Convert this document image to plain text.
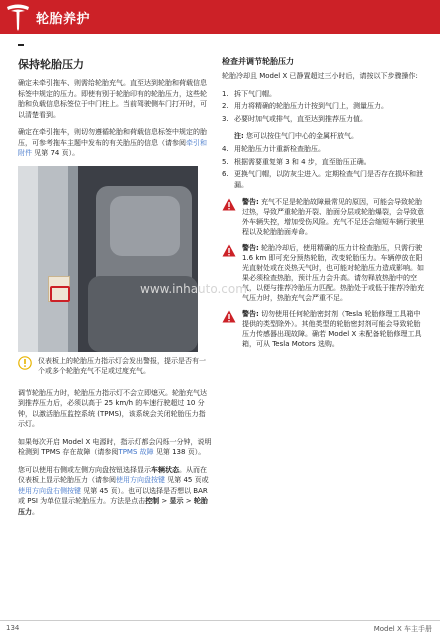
轮胎养护
保持轮胎压力

确定未牵引拖车、则需给轮胎充气。直至达到轮胎和荷载信息标签中规定的压力。即使有别于轮胎印有的轮胎压力，这些轮胎和负载信息标签位于中门柱上。当前驾驶侧车门打开时，可以清楚看到。

确定在牵引拖车，则切勿遵循轮胎和荷载信息标签中规定的胎压，可参考拖车主题中发布的有关胎压的信息（请参阅牵引和附件 见第 74 页）。

仪表板上的轮胎压力指示灯会发出警报，提示是否有一个或多个轮胎充气不足或过度充气。

调节轮胎压力时，轮胎压力指示灯不会立即熄灭。轮胎充气达到推荐压力后，必须以高于 25 km/h 的车速行驶超过 10 分钟，以激活胎压监控系统 (TPMS)，该系统会关闭轮胎压力指示灯。

如果每次开启 Model X 电源时，指示灯都会闪烁一分钟，说明检测到 TPMS 存在故障（请参阅TPMS 故障 见第 138 页）。

您可以使用右侧或左侧方向盘按钮选择显示车辆状态。从而在仪表板上显示轮胎压力（请参阅使用方向盘按键 见第 45 页或使用方向盘右侧按键 见第 45 页）。也可以选择是否想以 BAR 或 PSI 为单位显示轮胎压力。方法是点击控制 > 显示 > 轮胎压力。

检查并调节轮胎压力

轮胎冷却且 Model X 已静置超过三小时后，请按以下步骤操作:

1. 拆下气门帽。
2. 用力将精确的轮胎压力计按到气门上，测量压力。
3. 必要时加气或排气，直至达到推荐压力值。
注: 您可以按住气门中心的金属杆放气。
4. 用轮胎压力计重新检查胎压。
5. 根据需要重复第 3 和 4 步，直至胎压正确。
6. 更换气门帽，以防灰尘进入。定期检查气门是否存在损坏和泄漏。
警告: 充气不足是轮胎故障最常见的原因，可能会导致轮胎过热，导致严重轮胎开裂、胎面分层或轮胎爆裂，会导致意外车辆失控，增加受伤风险。充气不足还会缩短车辆行驶里程以及轮胎胎面寿命。
警告: 轮胎冷却后，使用精确的压力计检查胎压，只需行驶 1.6 km 即可充分预热轮胎，改变轮胎压力。车辆停放在阳光直射处或在炎热天气时，也可能对轮胎压力造成影响。如果必须检查热胎，预计压力会升高。请勿释放热胎中的空气，以便与推荐冷胎压力匹配。热胎处于或低于推荐冷胎充气压力时，热胎充气会严重不足。
警告: 切勿使用任何轮胎密封剂（Tesla 轮胎修理工具箱中提供的类型除外）。其他类型的轮胎密封剂可能会导致轮胎压力传感器出现故障。确若 Model X 未配备轮胎修理工具箱，可从 Tesla Motors 选购。
www.inhauto.com
134	Model X 车主手册
